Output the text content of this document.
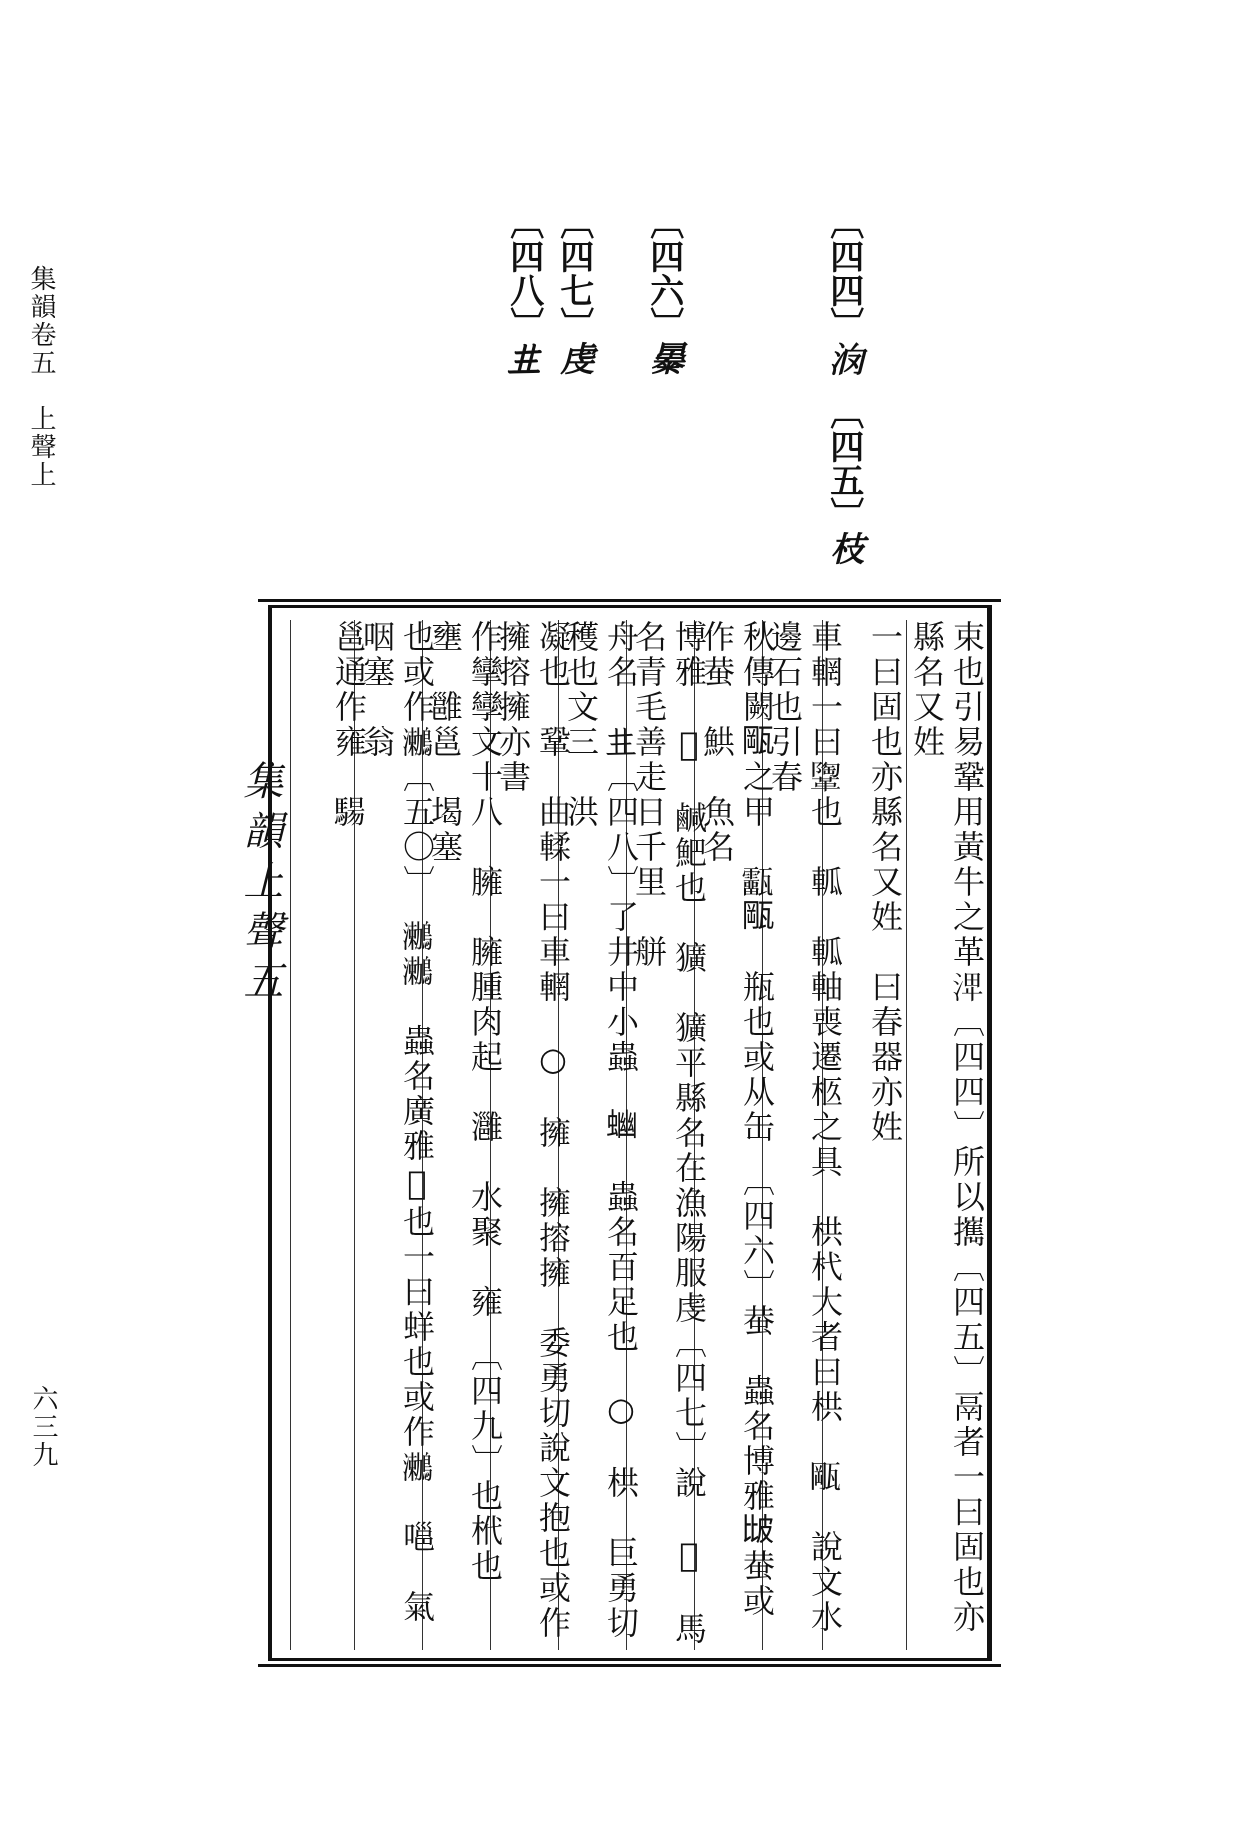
集韻卷五　上聲上
六三九
〔四四〕𣲿
〔四五〕枝
〔四六〕㬥
〔四七〕虔
〔四八〕𠀎
束也引易鞏用黃牛之革𣴪〔四四〕所以𢹂〔四五〕鬲者一曰固也亦縣名又姓
一曰固也亦縣名又姓　曰春器亦姓
車輞一曰𩍂也　軱　軱軸喪遷柩之具　栱杙大者曰栱　𤭛　說文水邊石也引春
秋傳闕𤭛之甲　𤮷𤭛　瓶也或从缶　〔四六〕蛬　蟲名博雅𤿎蛬或作蛬　䱋　魚名
博雅　𩡛　鹹䰾也　獷　獷平縣名在漁陽服虔〔四七〕說　𩦊　馬名青毛善走日千里　䑫
舟名　𠀎〔四八〕了井中小蟲　𧍘　蟲名百足也　○　栱　巨勇切穫也文三　洪
凝也　鞏　曲輮一曰車輞　○　擁　擁搈擁　委勇切說文抱也或作擁搈擁亦書
作攣孿文十八　臃　臃腫肉起　灉　水聚　雍　〔四九〕也㭖也　壅　雝邕　堨塞
也或作𪆟〔五〇〕　𪆟𪆟　蟲名廣雅𩡛也一曰蛘也或作𪆟　嗈　氣咽塞　翁
邕通作雍　𩤟
集韻上聲五
